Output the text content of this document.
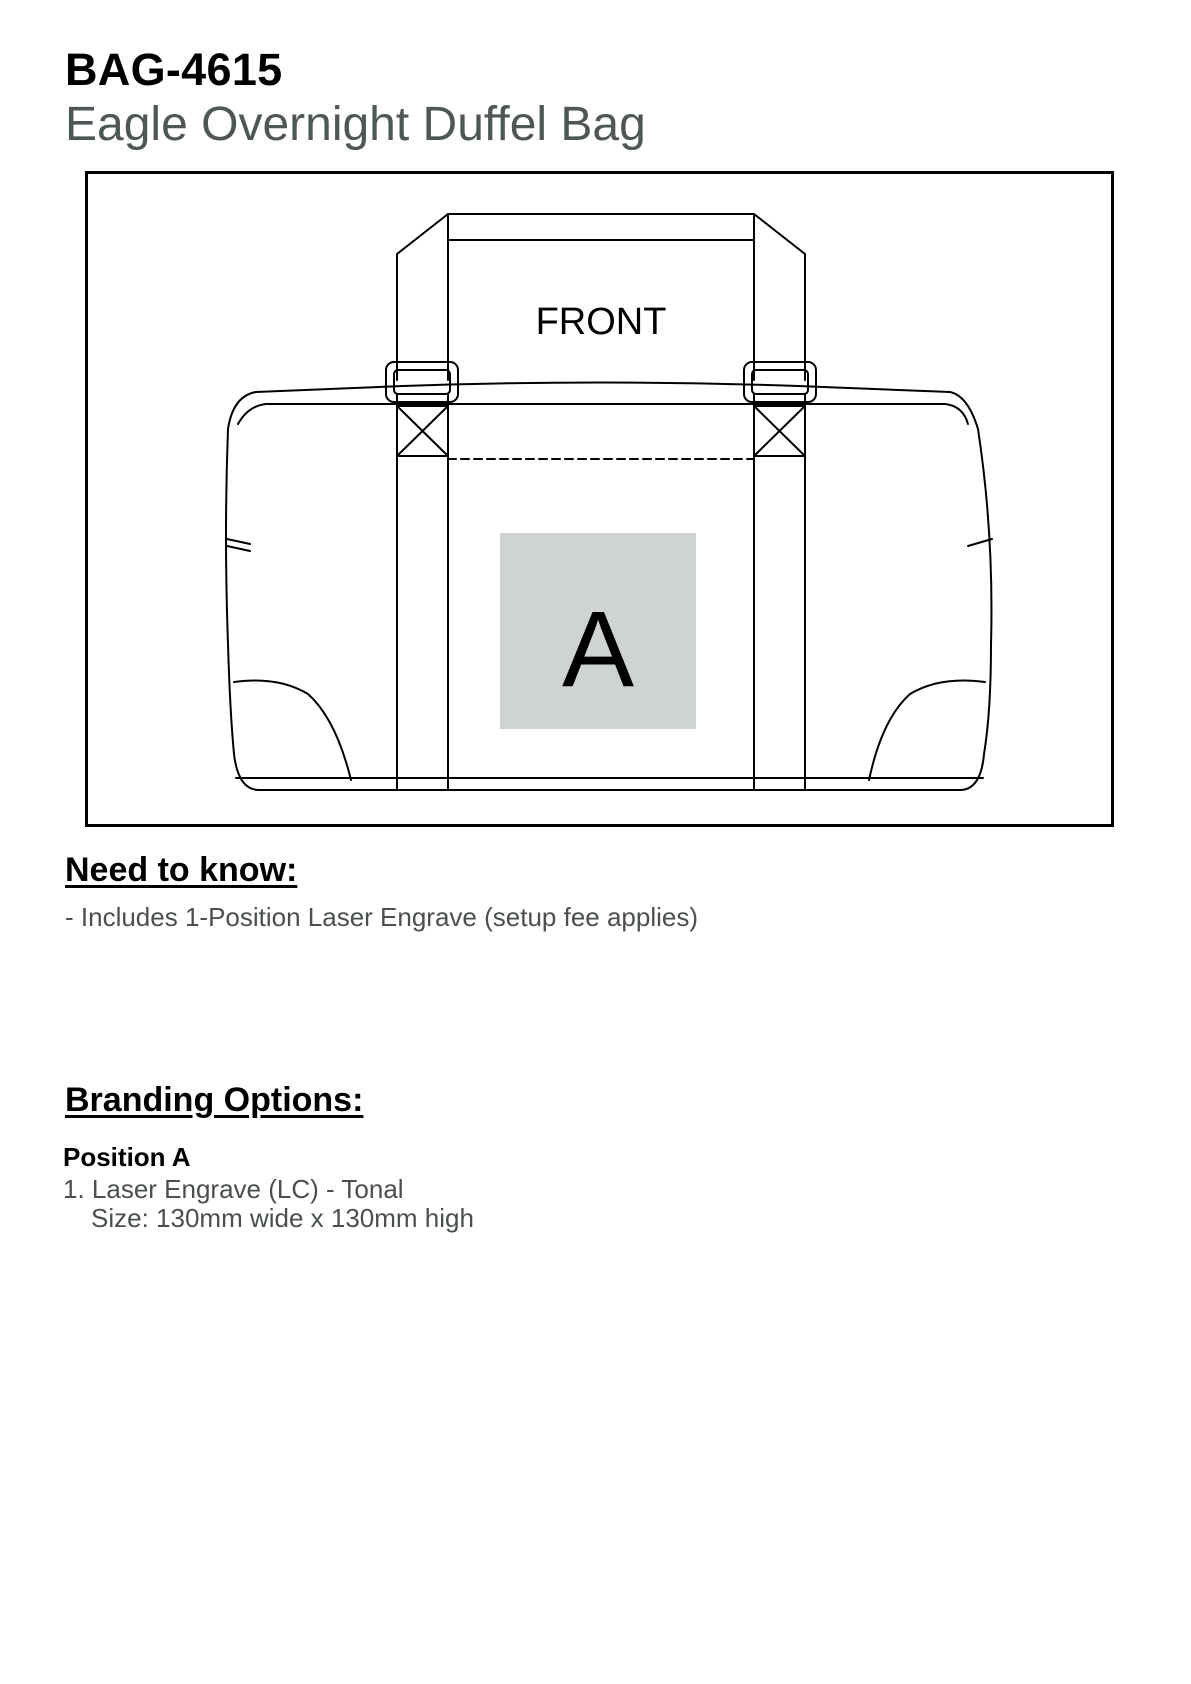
BAG-4615
Eagle Overnight Duffel Bag
A
FRONT
Need to know:
- Includes 1-Position Laser Engrave (setup fee applies)
Branding Options:
Position A
1. Laser Engrave (LC) - Tonal
Size: 130mm wide x 130mm high
